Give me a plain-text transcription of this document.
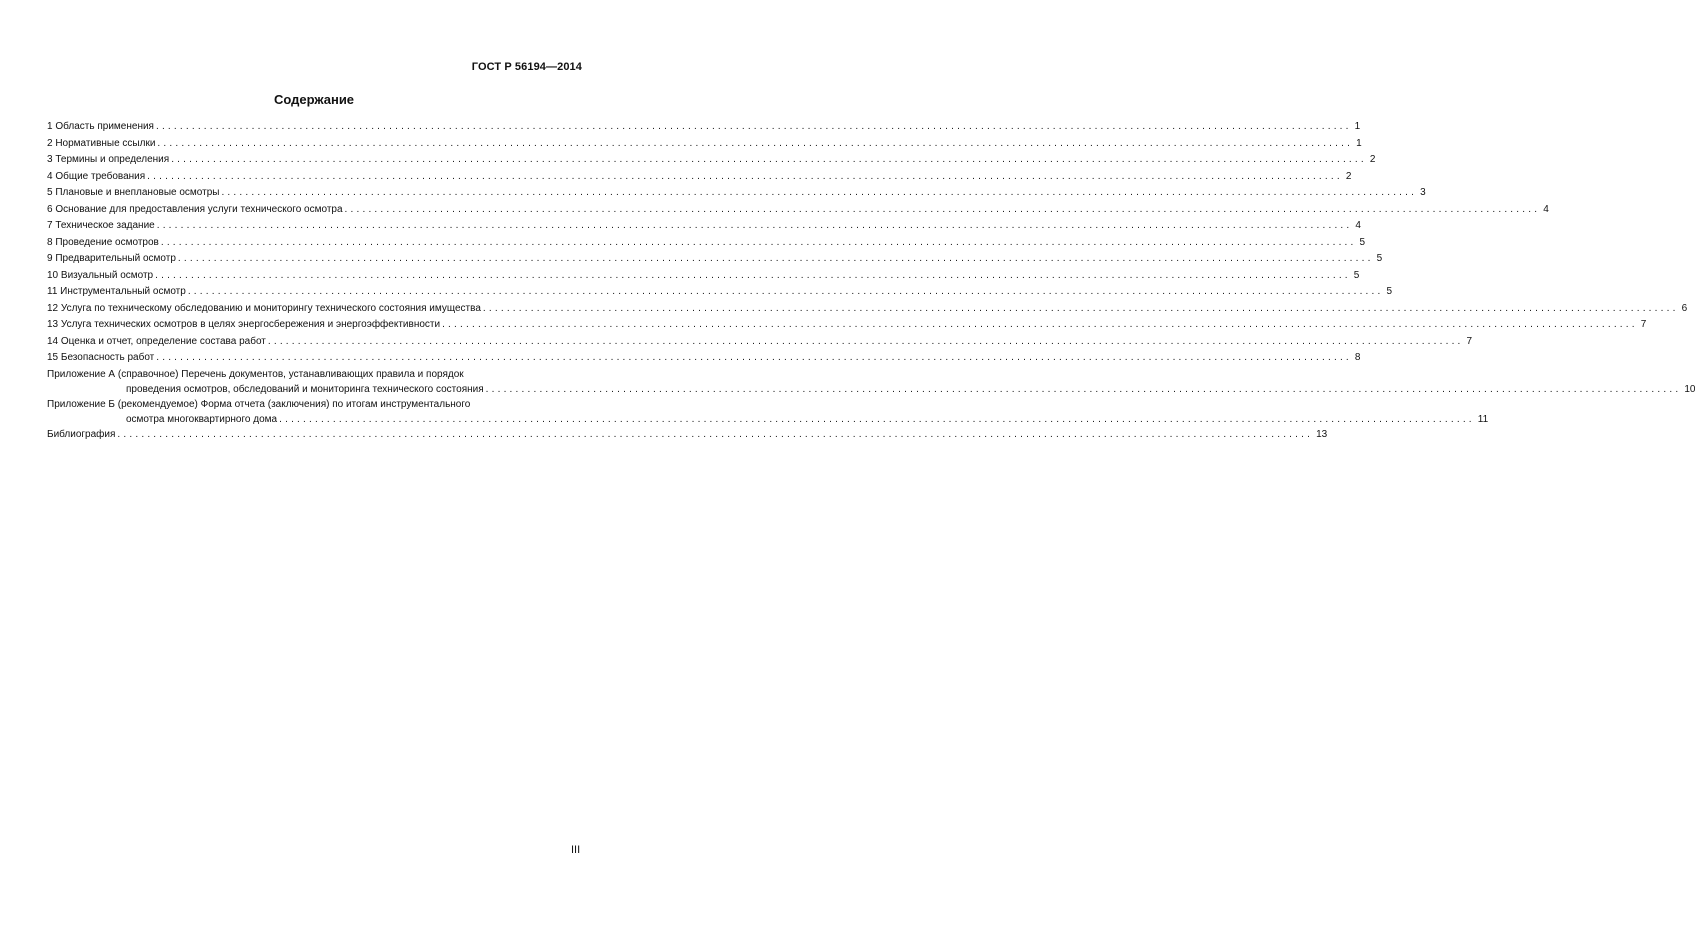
ГОСТ Р 56194—2014
Содержание
1 Область применения ........................................................................................................................................................................................................ 1
2 Нормативные ссылки ........................................................................................................................................................................................................ 1
3 Термины и определения ........................................................................................................................................................................................................ 2
4 Общие требования ........................................................................................................................................................................................................ 2
5 Плановые и внеплановые осмотры ........................................................................................................................................................................................................ 3
6 Основание для предоставления услуги технического осмотра ........................................................................................................................................................................................................ 4
7 Техническое задание ........................................................................................................................................................................................................ 4
8 Проведение осмотров ........................................................................................................................................................................................................ 5
9 Предварительный осмотр ........................................................................................................................................................................................................ 5
10 Визуальный осмотр ........................................................................................................................................................................................................ 5
11 Инструментальный осмотр ........................................................................................................................................................................................................ 5
12 Услуга по техническому обследованию и мониторингу технического состояния имущества ........................................................................................................................................................................................................ 6
13 Услуга технических осмотров в целях энергосбережения и энергоэффективности ........................................................................................................................................................................................................ 7
14 Оценка и отчет, определение состава работ ........................................................................................................................................................................................................ 7
15 Безопасность работ ........................................................................................................................................................................................................ 8
Приложение А (справочное) Перечень документов, устанавливающих правила и порядок
проведения осмотров, обследований и мониторинга технического состояния ........................................................................................................................................................................................................ 10
Приложение Б (рекомендуемое) Форма отчета (заключения) по итогам инструментального
осмотра многоквартирного дома ........................................................................................................................................................................................................ 11
Библиография ........................................................................................................................................................................................................ 13
III
